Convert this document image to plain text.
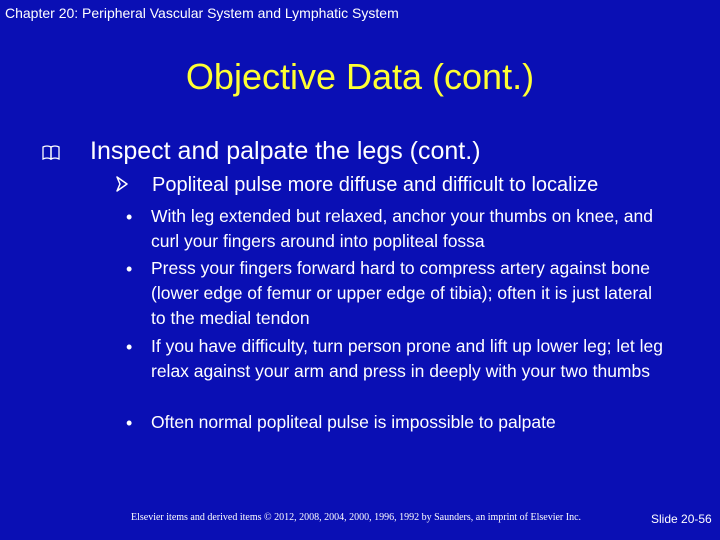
Chapter 20: Peripheral Vascular System and Lymphatic System
Objective Data (cont.)
Inspect and palpate the legs (cont.)
Popliteal pulse more diffuse and difficult to localize
• With leg extended but relaxed, anchor your thumbs on knee, and curl your fingers around into popliteal fossa
• Press your fingers forward hard to compress artery against bone (lower edge of femur or upper edge of tibia); often it is just lateral to the medial tendon
• If you have difficulty, turn person prone and lift up lower leg; let leg relax against your arm and press in deeply with your two thumbs
• Often normal popliteal pulse is impossible to palpate
Elsevier items and derived items © 2012, 2008, 2004, 2000, 1996, 1992 by Saunders, an imprint of Elsevier Inc.	Slide 20-56
